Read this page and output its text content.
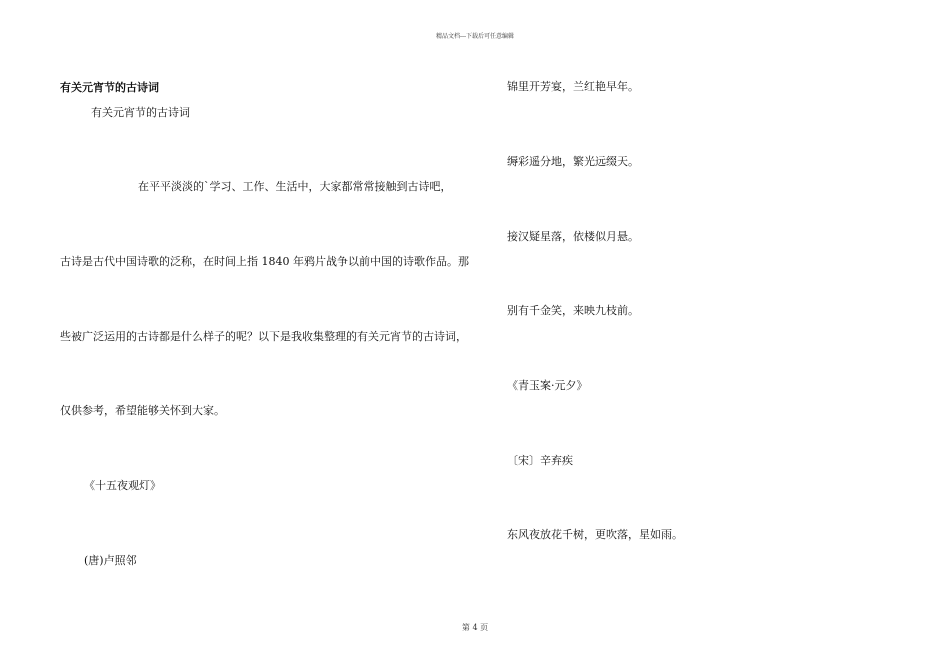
精品文档---下载后可任意编辑
有关元宵节的古诗词
有关元宵节的古诗词
在平平淡淡的`学习、工作、生活中，大家都常常接触到古诗吧，
古诗是古代中国诗歌的泛称，在时间上指 1840 年鸦片战争以前中国的诗歌作品。那
些被广泛运用的古诗都是什么样子的呢？以下是我收集整理的有关元宵节的古诗词，
仅供参考，希望能够关怀到大家。
《十五夜观灯》
(唐)卢照邻
锦里开芳宴，兰红艳早年。
缛彩遥分地，繁光远缀天。
接汉疑星落，依楼似月悬。
别有千金笑，来映九枝前。
《青玉案·元夕》
〔宋〕辛弃疾
东风夜放花千树，更吹落，星如雨。
第 4 页
